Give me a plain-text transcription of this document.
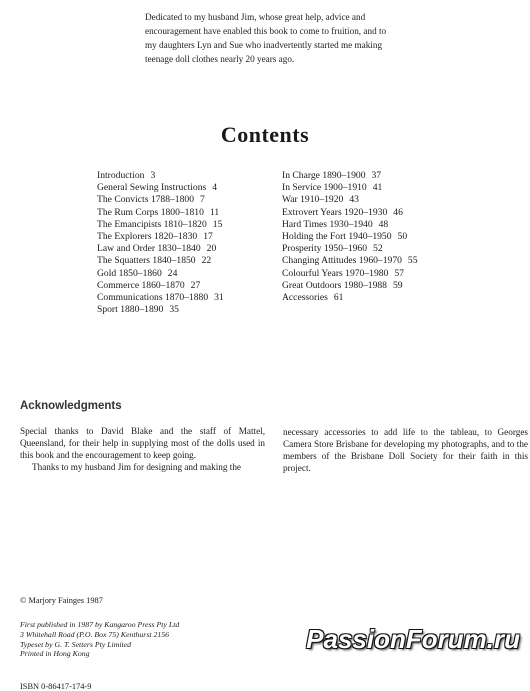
Dedicated to my husband Jim, whose great help, advice and encouragement have enabled this book to come to fruition, and to my daughters Lyn and Sue who inadvertently started me making teenage doll clothes nearly 20 years ago.
Contents
Introduction 3
General Sewing Instructions 4
The Convicts 1788–1800 7
The Rum Corps 1800–1810 11
The Emancipists 1810–1820 15
The Explorers 1820–1830 17
Law and Order 1830–1840 20
The Squatters 1840–1850 22
Gold 1850–1860 24
Commerce 1860–1870 27
Communications 1870–1880 31
Sport 1880–1890 35
In Charge 1890–1900 37
In Service 1900–1910 41
War 1910–1920 43
Extrovert Years 1920–1930 46
Hard Times 1930–1940 48
Holding the Fort 1940–1950 50
Prosperity 1950–1960 52
Changing Attitudes 1960–1970 55
Colourful Years 1970–1980 57
Great Outdoors 1980–1988 59
Accessories 61
Acknowledgments

Special thanks to David Blake and the staff of Mattel, Queensland, for their help in supplying most of the dolls used in this book and the encouragement to keep going.

Thanks to my husband Jim for designing and making the

necessary accessories to add life to the tableau, to Georges Camera Store Brisbane for developing my photographs, and to the members of the Brisbane Doll Society for their faith in this project.

© Marjory Fainges 1987
First published in 1987 by Kangaroo Press Pty Ltd
3 Whitehall Road (P.O. Box 75) Kenthurst 2156
Typeset by G. T. Setters Pty Limited
Printed in Hong Kong
ISBN 0-86417-174-9
PassionForum.ru
